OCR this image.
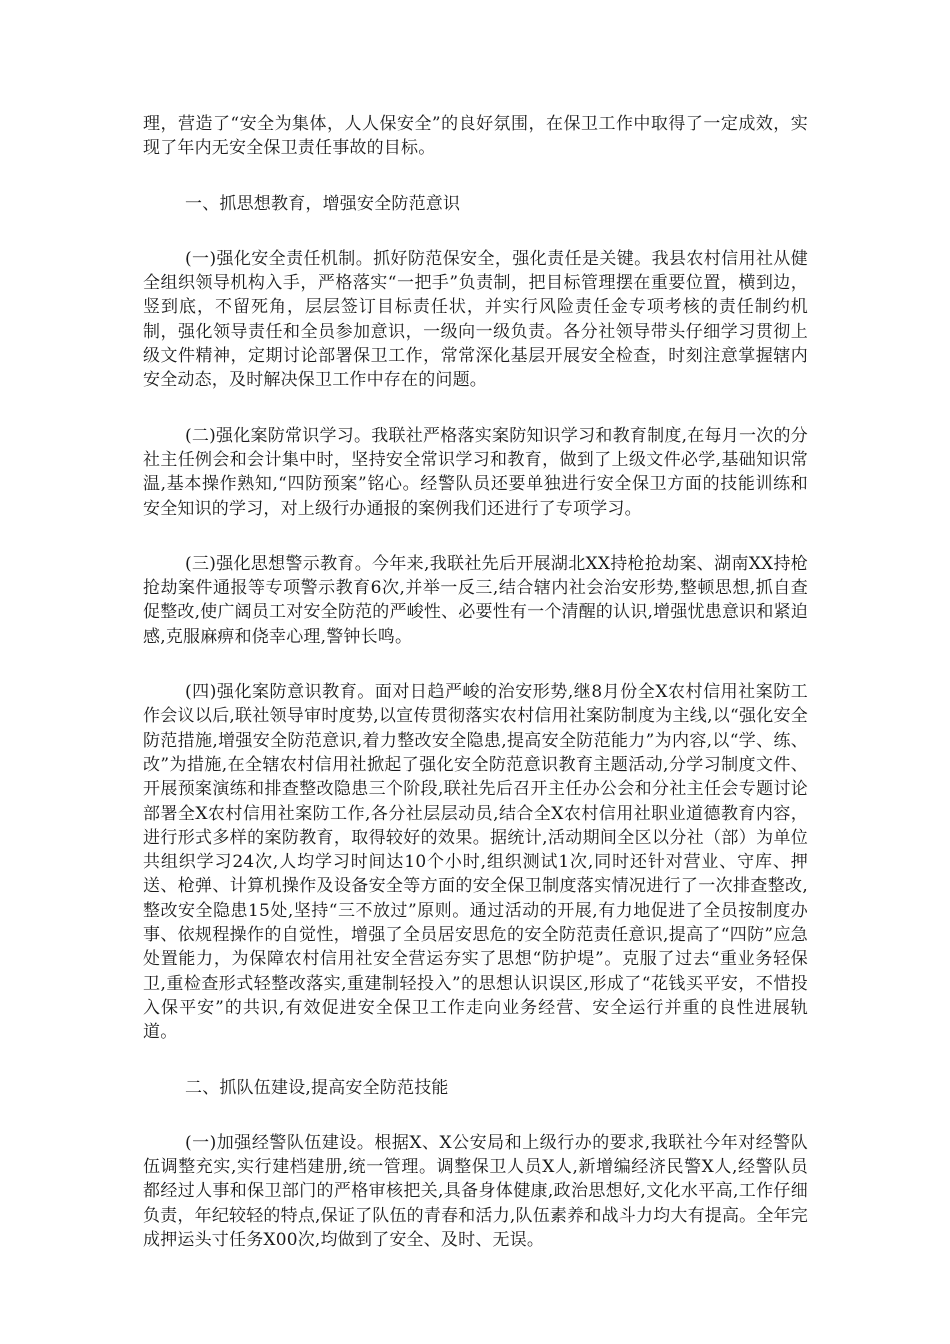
理，营造了“安全为集体，人人保安全”的良好氛围，在保卫工作中取得了一定成效，实现了年内无安全保卫责任事故的目标。

一、抓思想教育，增强安全防范意识

(一)强化安全责任机制。抓好防范保安全，强化责任是关键。我县农村信用社从健全组织领导机构入手，严格落实“一把手”负责制，把目标管理摆在重要位置，横到边，竖到底，不留死角，层层签订目标责任状，并实行风险责任金专项考核的责任制约机制，强化领导责任和全员参加意识，一级向一级负责。各分社领导带头仔细学习贯彻上级文件精神，定期讨论部署保卫工作，常常深化基层开展安全检查，时刻注意掌握辖内安全动态，及时解决保卫工作中存在的问题。

(二)强化案防常识学习。我联社严格落实案防知识学习和教育制度,在每月一次的分社主任例会和会计集中时，坚持安全常识学习和教育，做到了上级文件必学,基础知识常温,基本操作熟知,“四防预案”铭心。经警队员还要单独进行安全保卫方面的技能训练和安全知识的学习，对上级行办通报的案例我们还进行了专项学习。

(三)强化思想警示教育。今年来,我联社先后开展湖北XX持枪抢劫案、湖南XX持枪抢劫案件通报等专项警示教育6次,并举一反三,结合辖内社会治安形势,整顿思想,抓自查促整改,使广阔员工对安全防范的严峻性、必要性有一个清醒的认识,增强忧患意识和紧迫感,克服麻痹和侥幸心理,警钟长鸣。

(四)强化案防意识教育。面对日趋严峻的治安形势,继8月份全X农村信用社案防工作会议以后,联社领导审时度势,以宣传贯彻落实农村信用社案防制度为主线,以“强化安全防范措施,增强安全防范意识,着力整改安全隐患,提高安全防范能力”为内容,以“学、练、改”为措施,在全辖农村信用社掀起了强化安全防范意识教育主题活动,分学习制度文件、开展预案演练和排查整改隐患三个阶段,联社先后召开主任办公会和分社主任会专题讨论部署全X农村信用社案防工作,各分社层层动员,结合全X农村信用社职业道德教育内容，进行形式多样的案防教育，取得较好的效果。据统计,活动期间全区以分社（部）为单位共组织学习24次,人均学习时间达10个小时,组织测试1次,同时还针对营业、守库、押送、枪弹、计算机操作及设备安全等方面的安全保卫制度落实情况进行了一次排查整改,整改安全隐患15处,坚持“三不放过”原则。通过活动的开展,有力地促进了全员按制度办事、依规程操作的自觉性，增强了全员居安思危的安全防范责任意识,提高了“四防”应急处置能力，为保障农村信用社安全营运夯实了思想“防护堤”。克服了过去“重业务轻保卫,重检查形式轻整改落实,重建制轻投入”的思想认识误区,形成了“花钱买平安，不惜投入保平安”的共识,有效促进安全保卫工作走向业务经营、安全运行并重的良性进展轨道。

二、抓队伍建设,提高安全防范技能

(一)加强经警队伍建设。根据X、X公安局和上级行办的要求,我联社今年对经警队伍调整充实,实行建档建册,统一管理。调整保卫人员X人,新增编经济民警X人,经警队员都经过人事和保卫部门的严格审核把关,具备身体健康,政治思想好,文化水平高,工作仔细负责，年纪较轻的特点,保证了队伍的青春和活力,队伍素养和战斗力均大有提高。全年完成押运头寸任务X00次,均做到了安全、及时、无误。
